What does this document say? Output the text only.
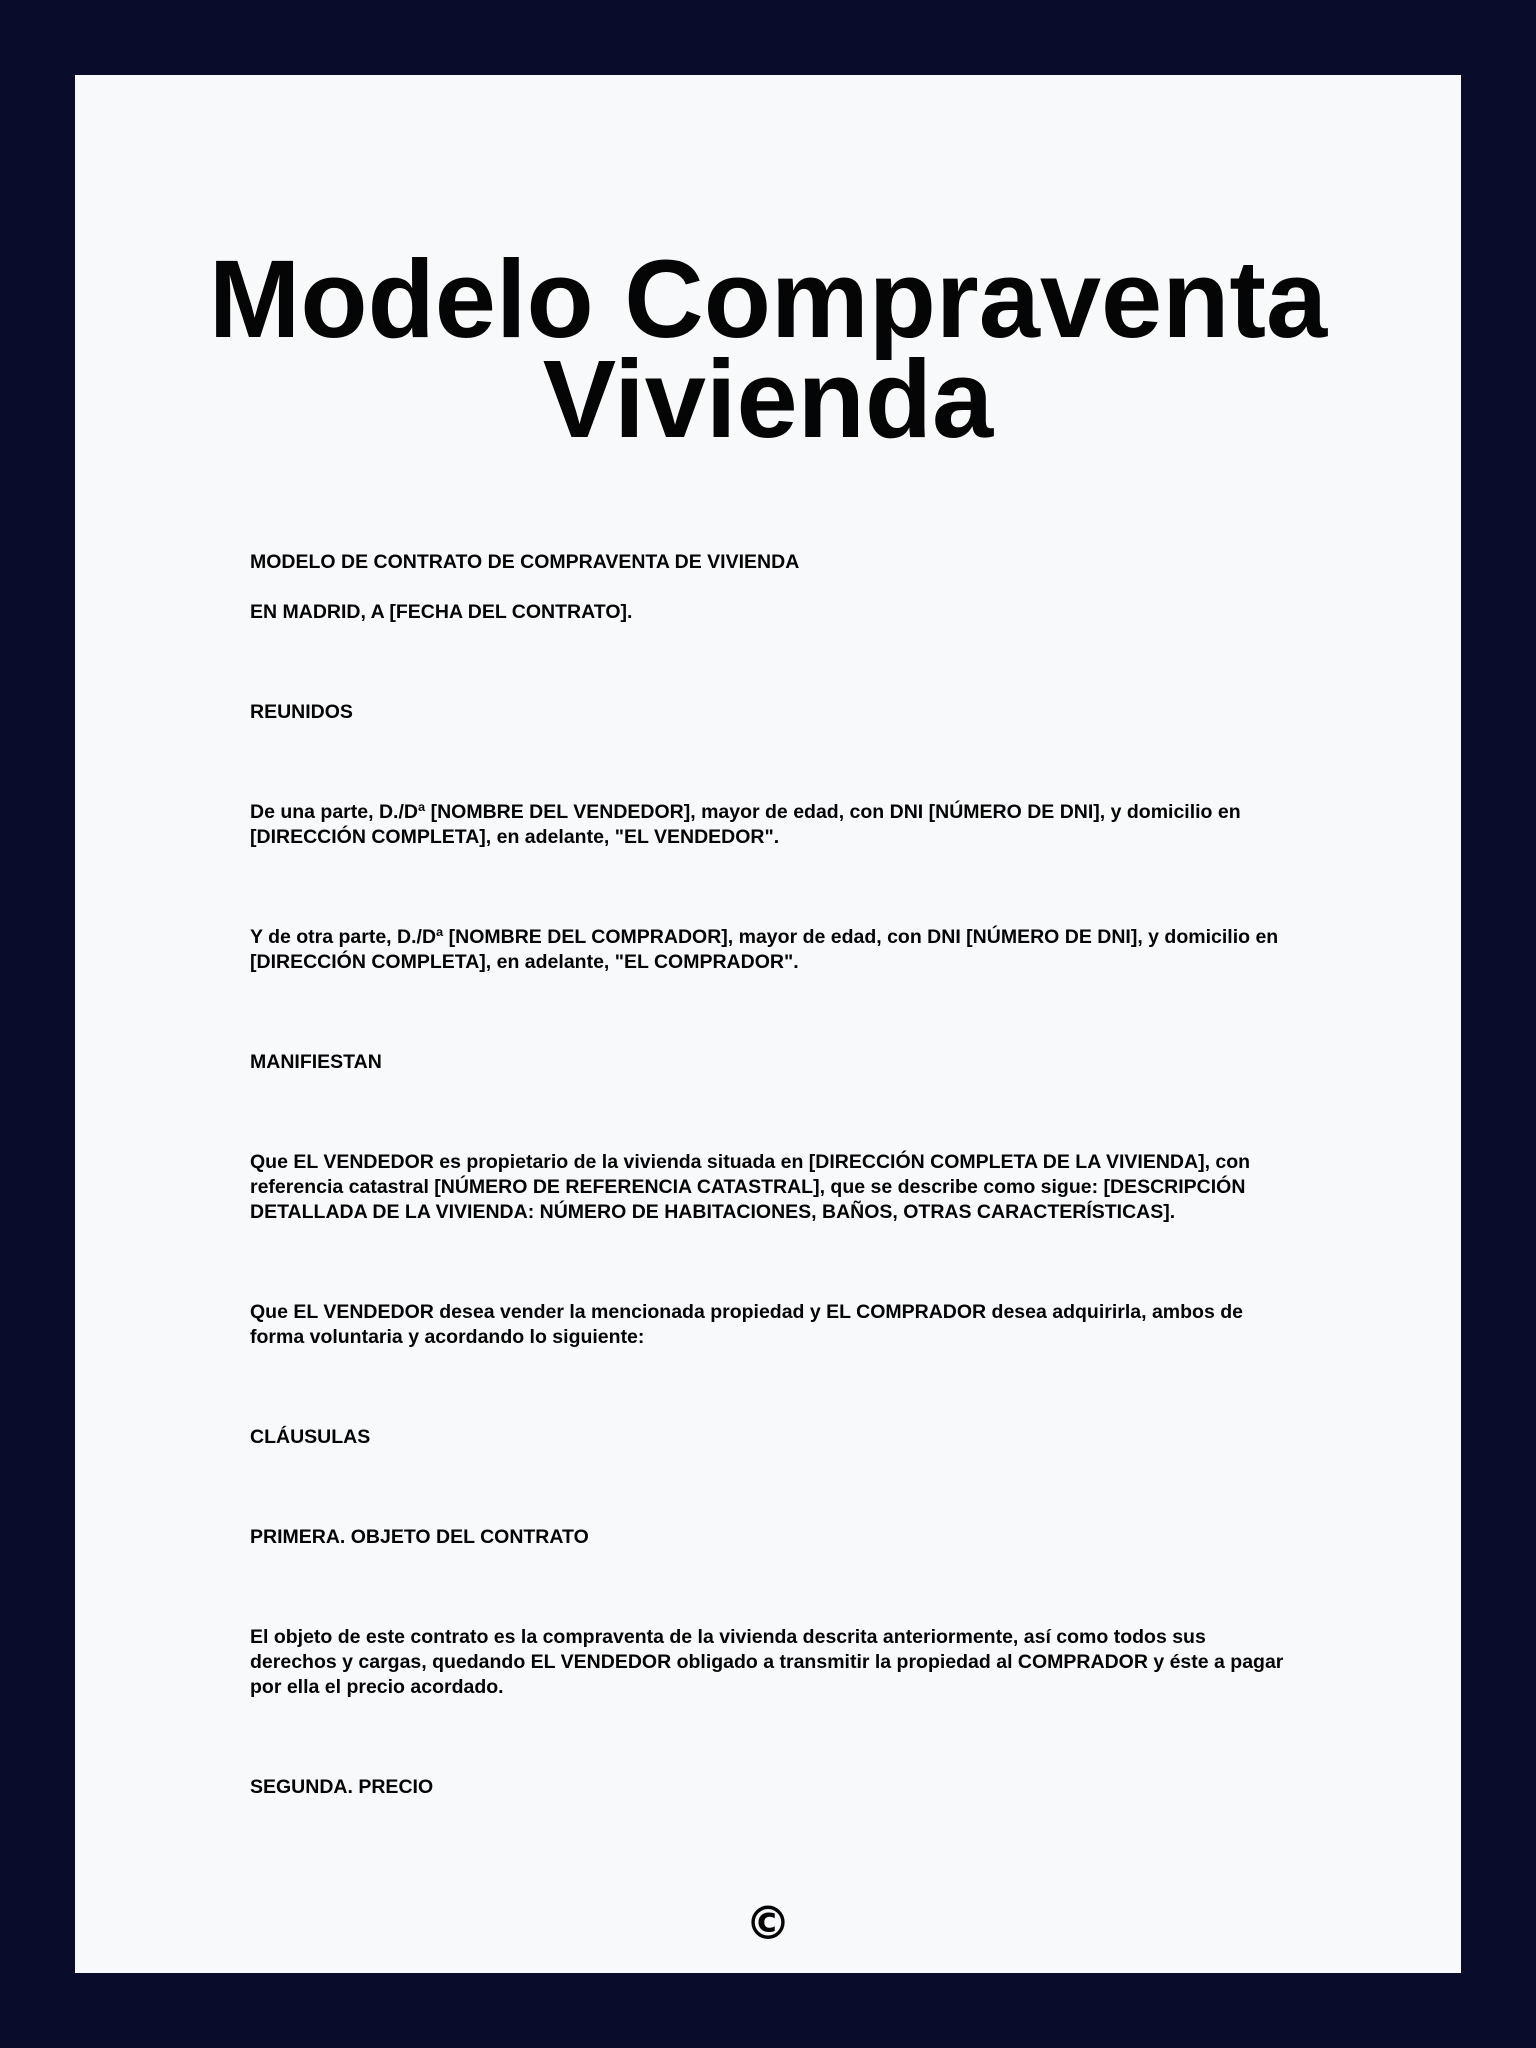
Modelo Compraventa Vivienda

MODELO DE CONTRATO DE COMPRAVENTA DE VIVIENDA

EN MADRID, A [FECHA DEL CONTRATO].

REUNIDOS

De una parte, D./Dª [NOMBRE DEL VENDEDOR], mayor de edad, con DNI [NÚMERO DE DNI], y domicilio en [DIRECCIÓN COMPLETA], en adelante, "EL VENDEDOR".

Y de otra parte, D./Dª [NOMBRE DEL COMPRADOR], mayor de edad, con DNI [NÚMERO DE DNI], y domicilio en [DIRECCIÓN COMPLETA], en adelante, "EL COMPRADOR".

MANIFIESTAN

Que EL VENDEDOR es propietario de la vivienda situada en [DIRECCIÓN COMPLETA DE LA VIVIENDA], con referencia catastral [NÚMERO DE REFERENCIA CATASTRAL], que se describe como sigue: [DESCRIPCIÓN DETALLADA DE LA VIVIENDA: NÚMERO DE HABITACIONES, BAÑOS, OTRAS CARACTERÍSTICAS].

Que EL VENDEDOR desea vender la mencionada propiedad y EL COMPRADOR desea adquirirla, ambos de forma voluntaria y acordando lo siguiente:

CLÁUSULAS

PRIMERA. OBJETO DEL CONTRATO

El objeto de este contrato es la compraventa de la vivienda descrita anteriormente, así como todos sus derechos y cargas, quedando EL VENDEDOR obligado a transmitir la propiedad al COMPRADOR y éste a pagar por ella el precio acordado.

SEGUNDA. PRECIO

©
